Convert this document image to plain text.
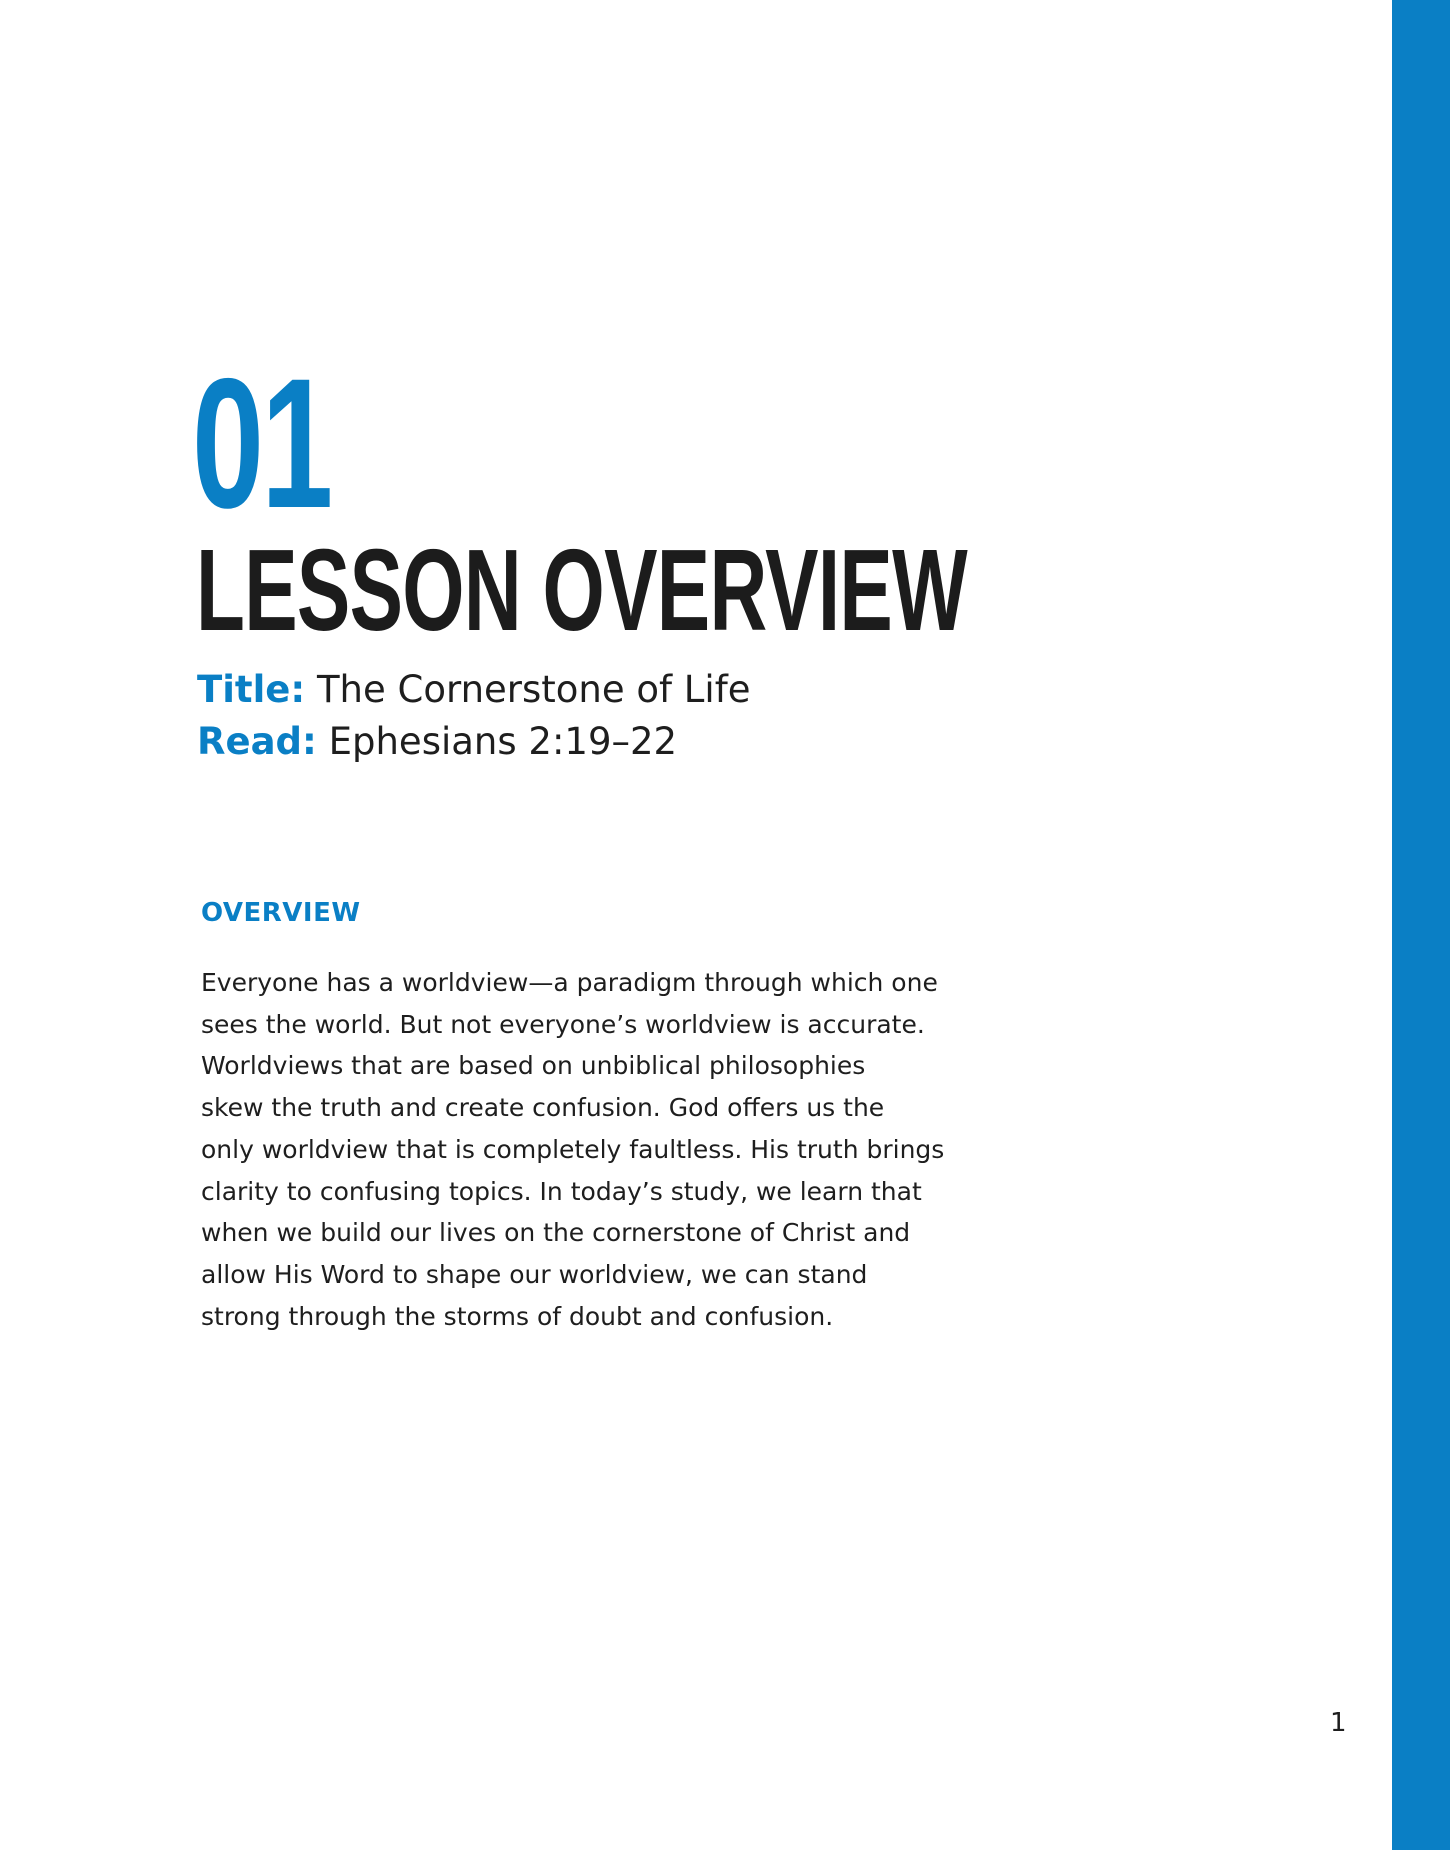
01
LESSON OVERVIEW

Title: The Cornerstone of Life

Read: Ephesians 2:19–22

OVERVIEW

Everyone has a worldview—a paradigm through which one
sees the world. But not everyone’s worldview is accurate.
Worldviews that are based on unbiblical philosophies
skew the truth and create confusion. God offers us the
only worldview that is completely faultless. His truth brings
clarity to confusing topics. In today’s study, we learn that
when we build our lives on the cornerstone of Christ and
allow His Word to shape our worldview, we can stand
strong through the storms of doubt and confusion.

1
